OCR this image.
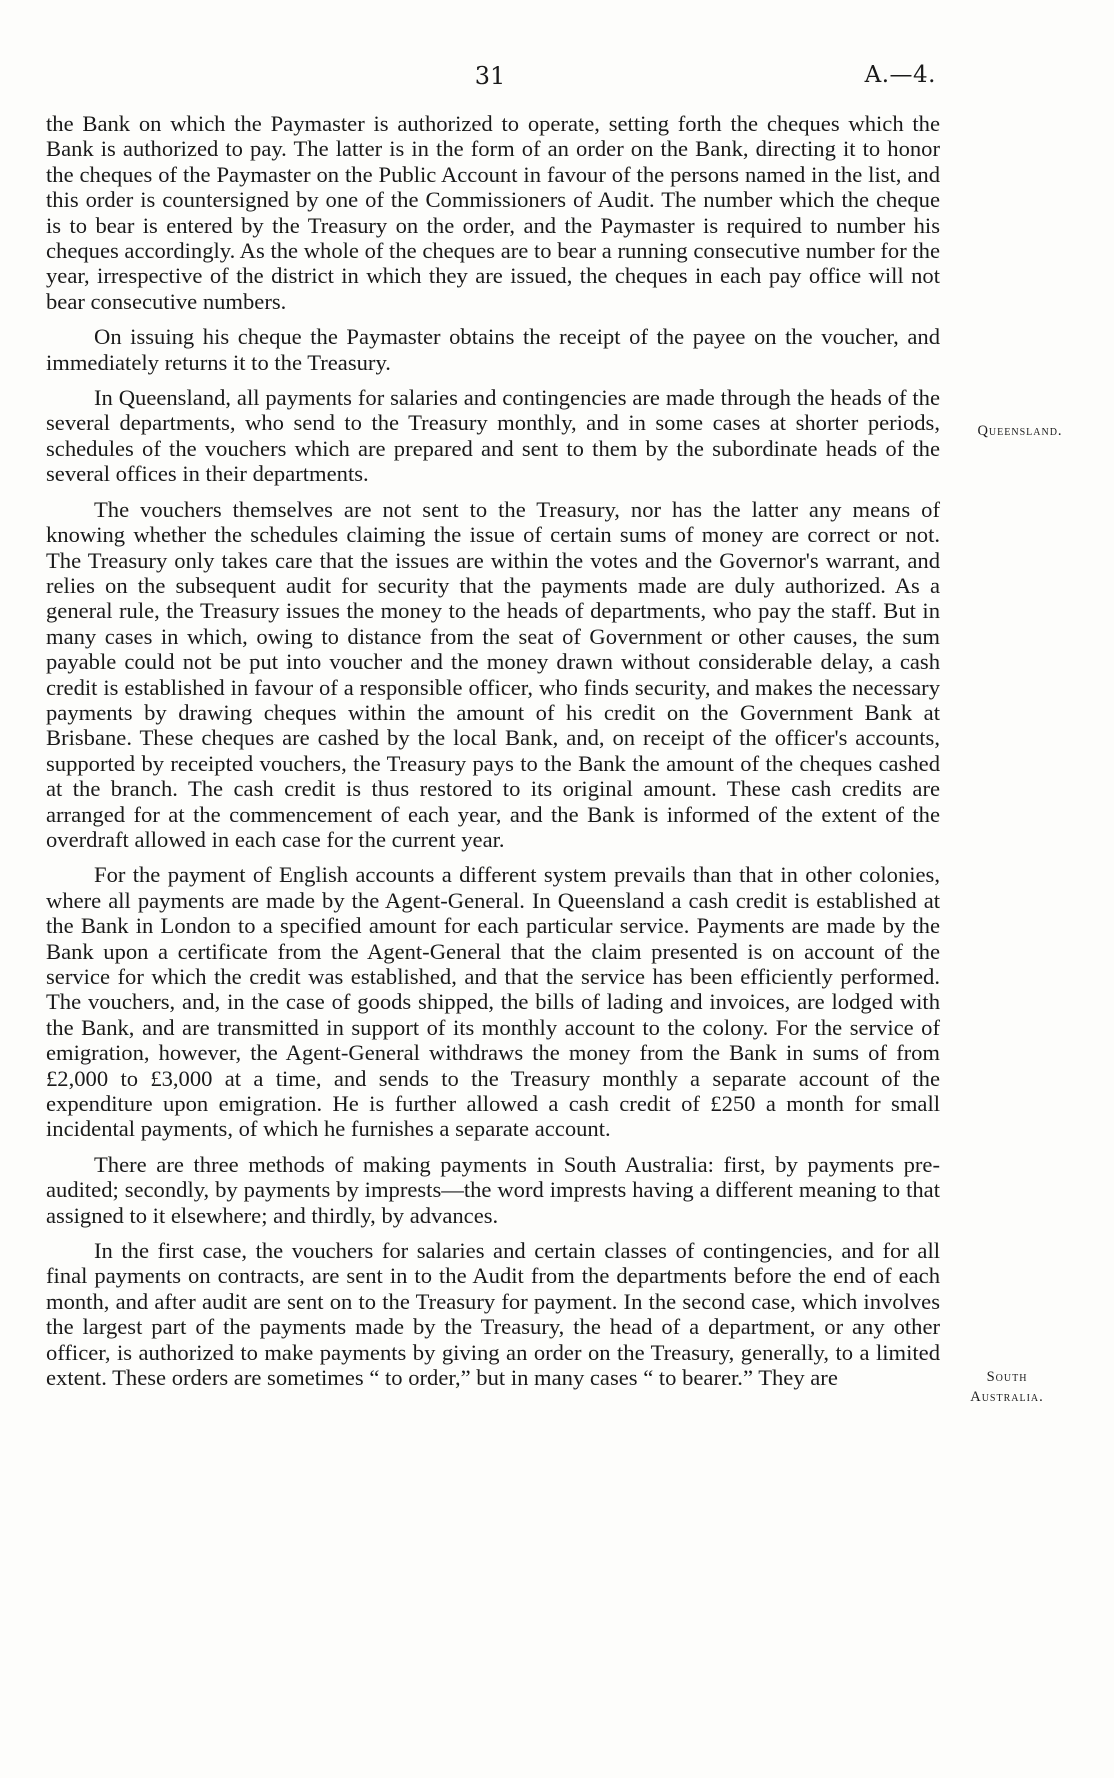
31	A.—4.

the Bank on which the Paymaster is authorized to operate, setting forth the cheques which the Bank is authorized to pay. The latter is in the form of an order on the Bank, directing it to honor the cheques of the Paymaster on the Public Account in favour of the persons named in the list, and this order is countersigned by one of the Commissioners of Audit. The number which the cheque is to bear is entered by the Treasury on the order, and the Paymaster is required to number his cheques accordingly. As the whole of the cheques are to bear a running consecutive number for the year, irrespective of the district in which they are issued, the cheques in each pay office will not bear consecutive numbers.

On issuing his cheque the Paymaster obtains the receipt of the payee on the voucher, and immediately returns it to the Treasury.

In Queensland, all payments for salaries and contingencies are made through the heads of the several departments, who send to the Treasury monthly, and in some cases at shorter periods, schedules of the vouchers which are prepared and sent to them by the subordinate heads of the several offices in their departments.

The vouchers themselves are not sent to the Treasury, nor has the latter any means of knowing whether the schedules claiming the issue of certain sums of money are correct or not. The Treasury only takes care that the issues are within the votes and the Governor's warrant, and relies on the subsequent audit for security that the payments made are duly authorized. As a general rule, the Treasury issues the money to the heads of departments, who pay the staff. But in many cases in which, owing to distance from the seat of Government or other causes, the sum payable could not be put into voucher and the money drawn without considerable delay, a cash credit is established in favour of a responsible officer, who finds security, and makes the necessary payments by drawing cheques within the amount of his credit on the Government Bank at Brisbane. These cheques are cashed by the local Bank, and, on receipt of the officer's accounts, supported by receipted vouchers, the Treasury pays to the Bank the amount of the cheques cashed at the branch. The cash credit is thus restored to its original amount. These cash credits are arranged for at the commencement of each year, and the Bank is informed of the extent of the overdraft allowed in each case for the current year.

For the payment of English accounts a different system prevails than that in other colonies, where all payments are made by the Agent-General. In Queensland a cash credit is established at the Bank in London to a specified amount for each particular service. Payments are made by the Bank upon a certificate from the Agent-General that the claim presented is on account of the service for which the credit was established, and that the service has been efficiently performed. The vouchers, and, in the case of goods shipped, the bills of lading and invoices, are lodged with the Bank, and are transmitted in support of its monthly account to the colony. For the service of emigration, however, the Agent-General withdraws the money from the Bank in sums of from £2,000 to £3,000 at a time, and sends to the Treasury monthly a separate account of the expenditure upon emigration. He is further allowed a cash credit of £250 a month for small incidental payments, of which he furnishes a separate account.

There are three methods of making payments in South Australia: first, by payments pre-audited; secondly, by payments by imprests—the word imprests having a different meaning to that assigned to it elsewhere; and thirdly, by advances.

In the first case, the vouchers for salaries and certain classes of contingencies, and for all final payments on contracts, are sent in to the Audit from the departments before the end of each month, and after audit are sent on to the Treasury for payment. In the second case, which involves the largest part of the payments made by the Treasury, the head of a department, or any other officer, is authorized to make payments by giving an order on the Treasury, generally, to a limited extent. These orders are sometimes “ to order,” but in many cases “ to bearer.” They are

Queensland.
South
Australia.
